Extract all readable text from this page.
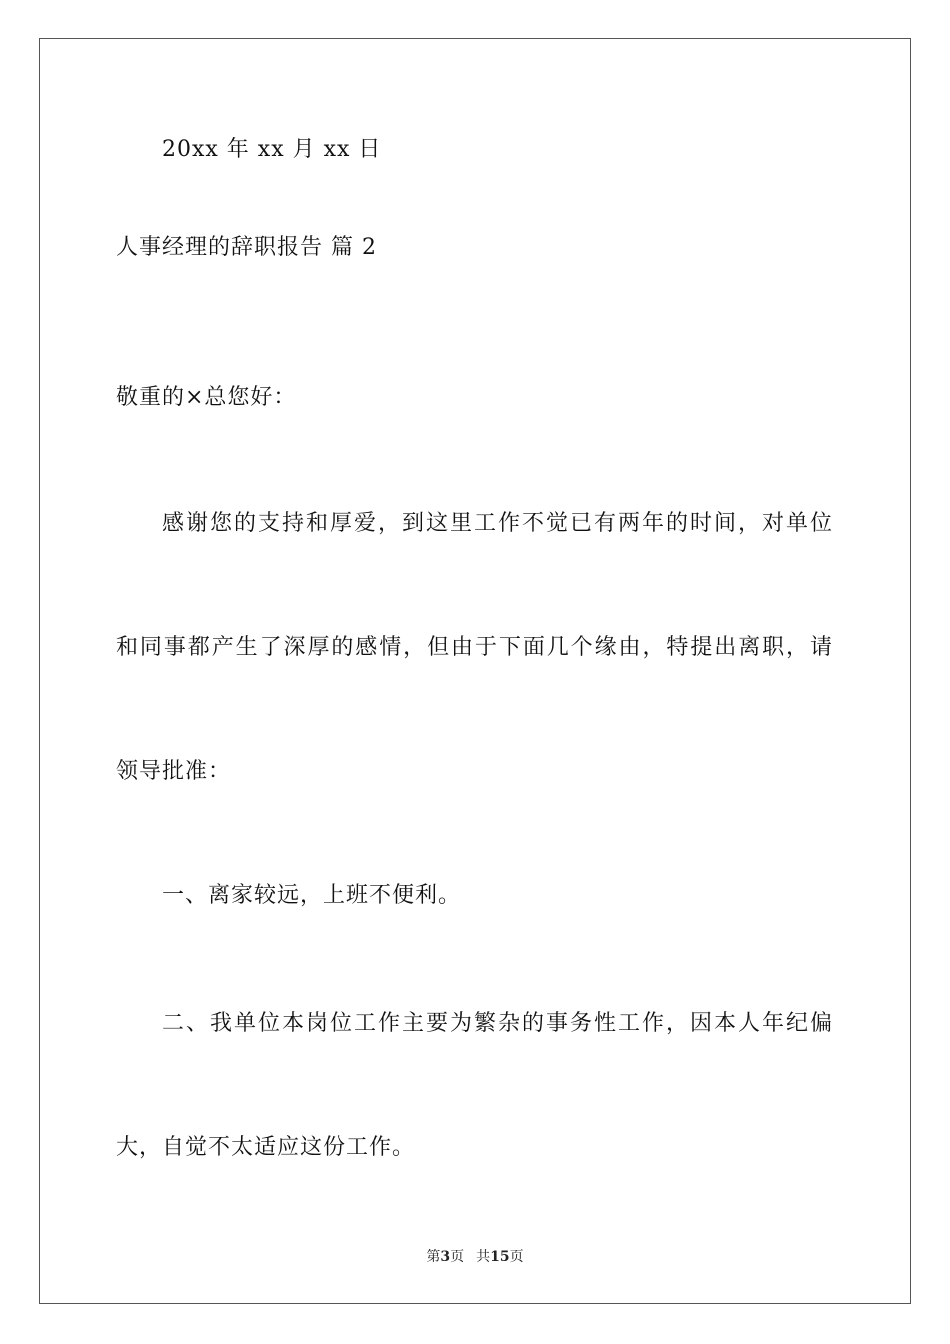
20xx 年 xx 月 xx 日
人事经理的辞职报告 篇 2
敬重的×总您好：
感谢您的支持和厚爱，到这里工作不觉已有两年的时间，对单位
和同事都产生了深厚的感情，但由于下面几个缘由，特提出离职，请
领导批准：
一、离家较远，上班不便利。
二、我单位本岗位工作主要为繁杂的事务性工作，因本人年纪偏
大，自觉不太适应这份工作。
第3页 共15页
